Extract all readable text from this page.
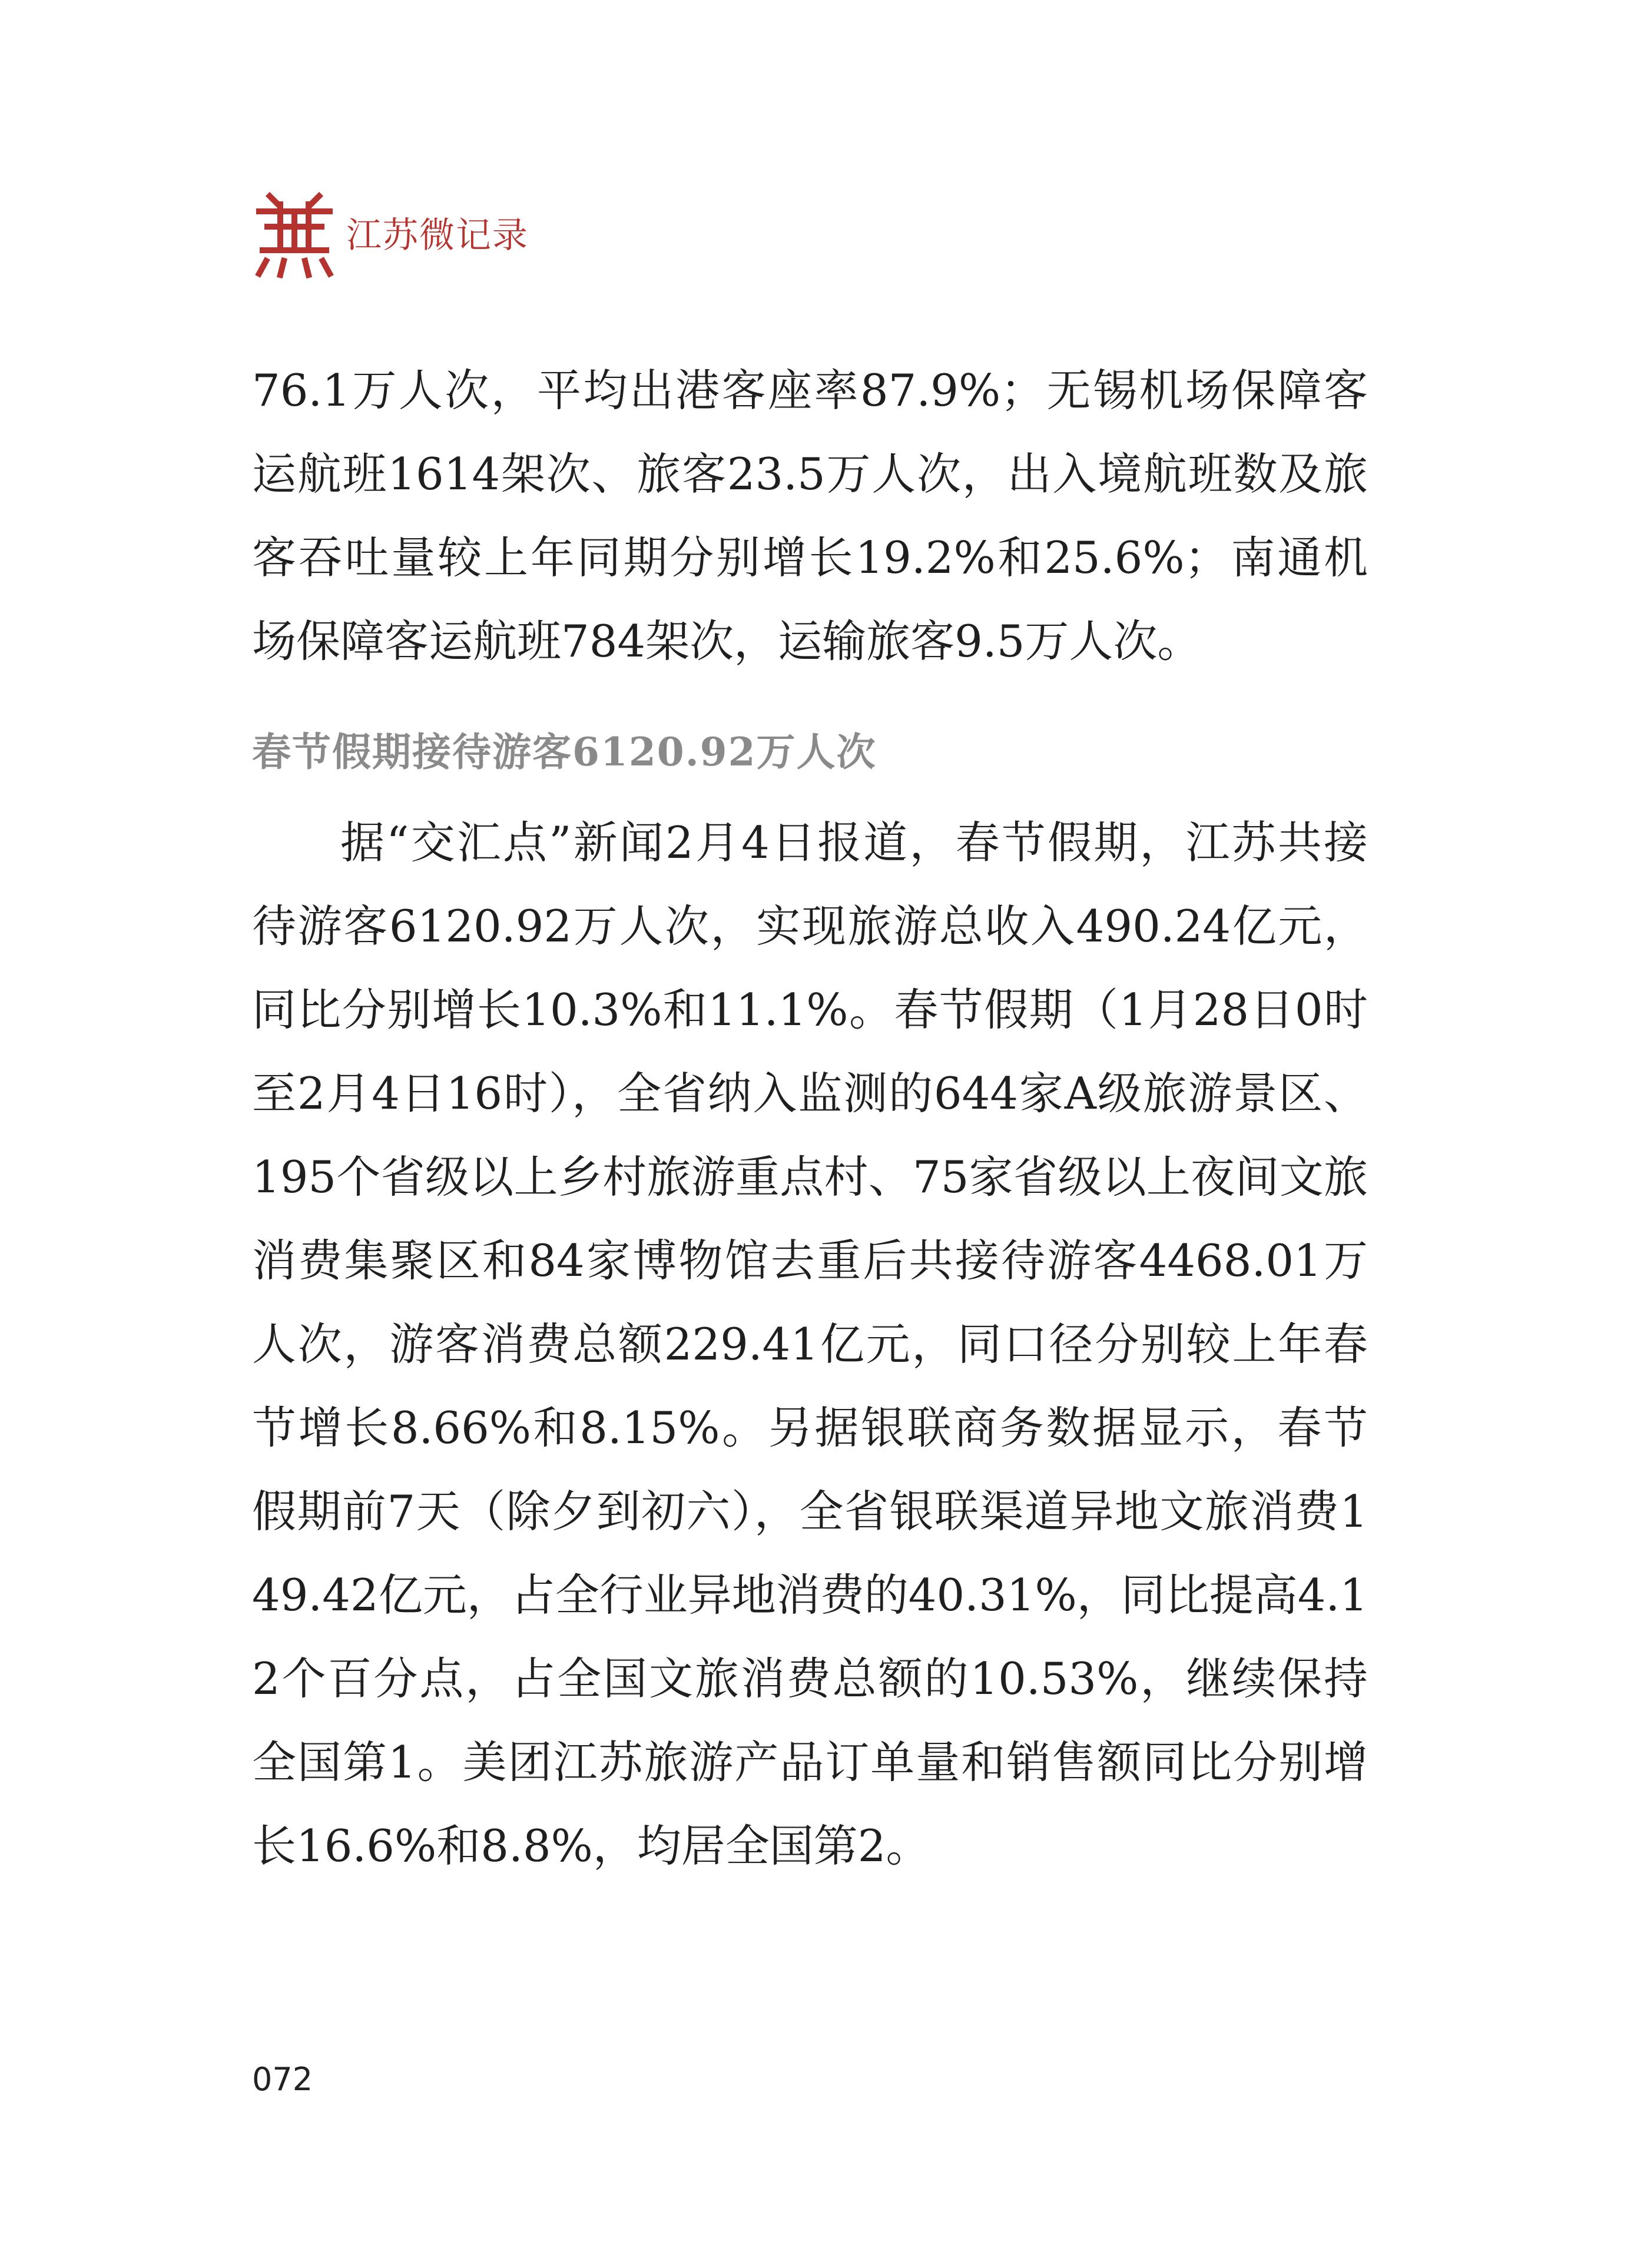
江苏微记录

76.1万人次，平均出港客座率87.9%；无锡机场保障客运航班1614架次、旅客23.5万人次，出入境航班数及旅客吞吐量较上年同期分别增长19.2%和25.6%；南通机场保障客运航班784架次，运输旅客9.5万人次。

春节假期接待游客6120.92万人次

据“交汇点”新闻2月4日报道，春节假期，江苏共接待游客6120.92万人次，实现旅游总收入490.24亿元，同比分别增长10.3%和11.1%。春节假期（1月28日0时至2月4日16时），全省纳入监测的644家A级旅游景区、195个省级以上乡村旅游重点村、75家省级以上夜间文旅消费集聚区和84家博物馆去重后共接待游客4468.01万人次，游客消费总额229.41亿元，同口径分别较上年春节增长8.66%和8.15%。另据银联商务数据显示，春节假期前7天（除夕到初六），全省银联渠道异地文旅消费149.42亿元，占全行业异地消费的40.31%，同比提高4.12个百分点，占全国文旅消费总额的10.53%，继续保持全国第1。美团江苏旅游产品订单量和销售额同比分别增长16.6%和8.8%，均居全国第2。

072
